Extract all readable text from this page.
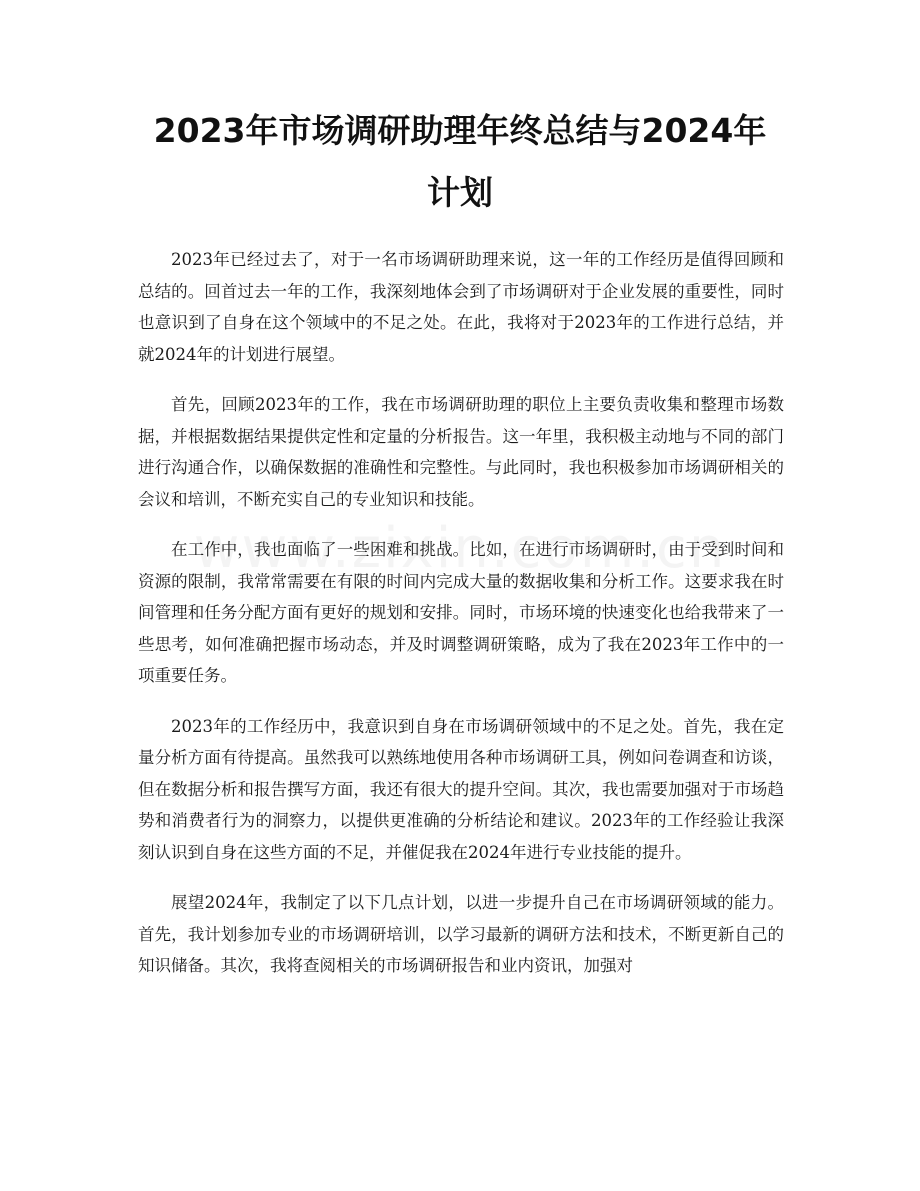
2023年市场调研助理年终总结与2024年计划

2023年已经过去了，对于一名市场调研助理来说，这一年的工作经历是值得回顾和总结的。回首过去一年的工作，我深刻地体会到了市场调研对于企业发展的重要性，同时也意识到了自身在这个领域中的不足之处。在此，我将对于2023年的工作进行总结，并就2024年的计划进行展望。

首先，回顾2023年的工作，我在市场调研助理的职位上主要负责收集和整理市场数据，并根据数据结果提供定性和定量的分析报告。这一年里，我积极主动地与不同的部门进行沟通合作，以确保数据的准确性和完整性。与此同时，我也积极参加市场调研相关的会议和培训，不断充实自己的专业知识和技能。

在工作中，我也面临了一些困难和挑战。比如，在进行市场调研时，由于受到时间和资源的限制，我常常需要在有限的时间内完成大量的数据收集和分析工作。这要求我在时间管理和任务分配方面有更好的规划和安排。同时，市场环境的快速变化也给我带来了一些思考，如何准确把握市场动态，并及时调整调研策略，成为了我在2023年工作中的一项重要任务。

2023年的工作经历中，我意识到自身在市场调研领域中的不足之处。首先，我在定量分析方面有待提高。虽然我可以熟练地使用各种市场调研工具，例如问卷调查和访谈，但在数据分析和报告撰写方面，我还有很大的提升空间。其次，我也需要加强对于市场趋势和消费者行为的洞察力，以提供更准确的分析结论和建议。2023年的工作经验让我深刻认识到自身在这些方面的不足，并催促我在2024年进行专业技能的提升。

展望2024年，我制定了以下几点计划，以进一步提升自己在市场调研领域的能力。首先，我计划参加专业的市场调研培训，以学习最新的调研方法和技术，不断更新自己的知识储备。其次，我将查阅相关的市场调研报告和业内资讯，加强对
